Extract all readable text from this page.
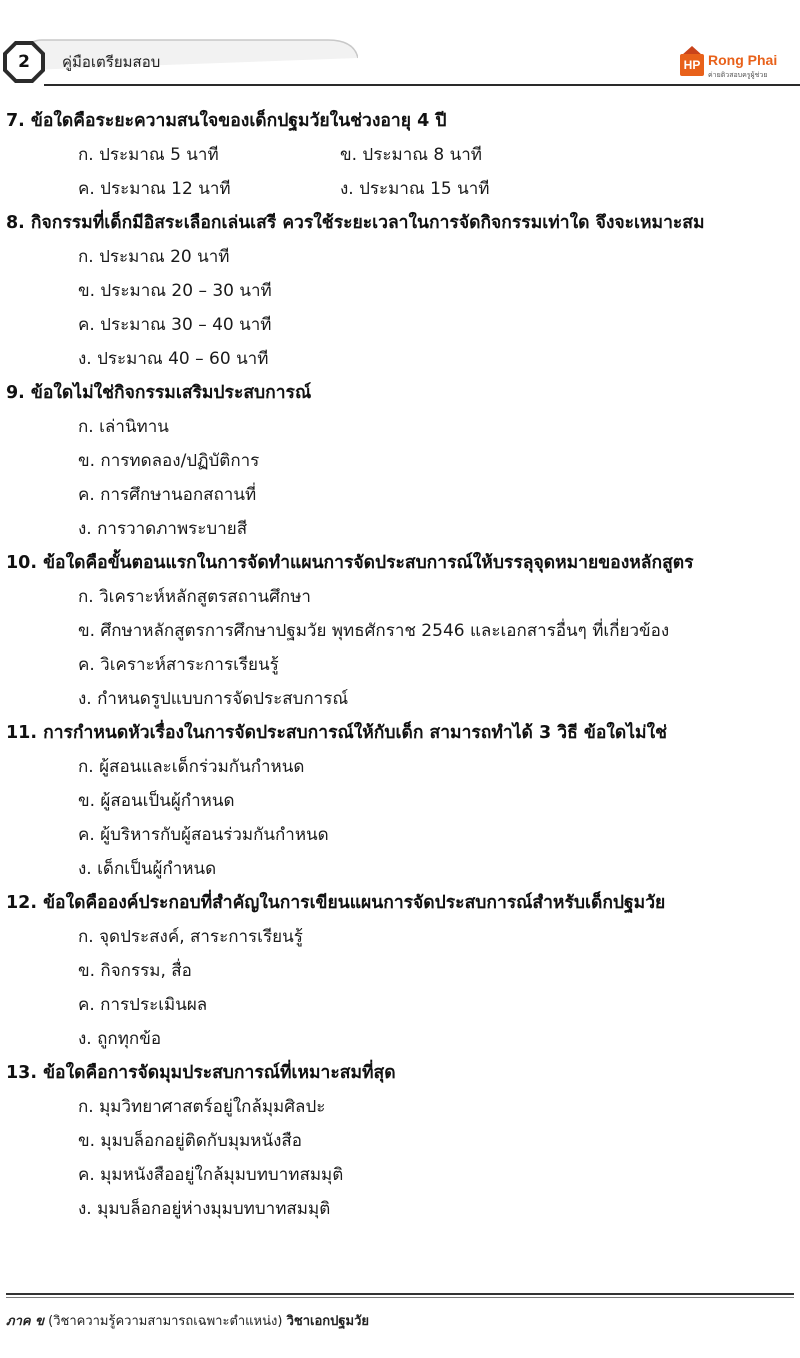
2	คู่มือเตรียมสอบ	HP Rong Phai
ค่ายติวสอบครูผู้ช่วย
7. ข้อใดคือระยะความสนใจของเด็กปฐมวัยในช่วงอายุ 4 ปี
ก. ประมาณ 5 นาที	ข. ประมาณ 8 นาที
ค. ประมาณ 12 นาที	ง. ประมาณ 15 นาที
8. กิจกรรมที่เด็กมีอิสระเลือกเล่นเสรี ควรใช้ระยะเวลาในการจัดกิจกรรมเท่าใด จึงจะเหมาะสม
ก. ประมาณ 20 นาที
ข. ประมาณ 20 – 30 นาที
ค. ประมาณ 30 – 40 นาที
ง. ประมาณ 40 – 60 นาที
9. ข้อใดไม่ใช่กิจกรรมเสริมประสบการณ์
ก. เล่านิทาน
ข. การทดลอง/ปฏิบัติการ
ค. การศึกษานอกสถานที่
ง. การวาดภาพระบายสี
10. ข้อใดคือขั้นตอนแรกในการจัดทำแผนการจัดประสบการณ์ให้บรรลุจุดหมายของหลักสูตร
ก. วิเคราะห์หลักสูตรสถานศึกษา
ข. ศึกษาหลักสูตรการศึกษาปฐมวัย พุทธศักราช 2546 และเอกสารอื่นๆ ที่เกี่ยวข้อง
ค. วิเคราะห์สาระการเรียนรู้
ง. กำหนดรูปแบบการจัดประสบการณ์
11. การกำหนดหัวเรื่องในการจัดประสบการณ์ให้กับเด็ก สามารถทำได้ 3 วิธี ข้อใดไม่ใช่
ก. ผู้สอนและเด็กร่วมกันกำหนด
ข. ผู้สอนเป็นผู้กำหนด
ค. ผู้บริหารกับผู้สอนร่วมกันกำหนด
ง. เด็กเป็นผู้กำหนด
12. ข้อใดคือองค์ประกอบที่สำคัญในการเขียนแผนการจัดประสบการณ์สำหรับเด็กปฐมวัย
ก. จุดประสงค์, สาระการเรียนรู้
ข. กิจกรรม, สื่อ
ค. การประเมินผล
ง. ถูกทุกข้อ
13. ข้อใดคือการจัดมุมประสบการณ์ที่เหมาะสมที่สุด
ก. มุมวิทยาศาสตร์อยู่ใกล้มุมศิลปะ
ข. มุมบล็อกอยู่ติดกับมุมหนังสือ
ค. มุมหนังสืออยู่ใกล้มุมบทบาทสมมุติ
ง. มุมบล็อกอยู่ห่างมุมบทบาทสมมุติ
ภาค ข (วิชาความรู้ความสามารถเฉพาะตำแหน่ง) วิชาเอกปฐมวัย
